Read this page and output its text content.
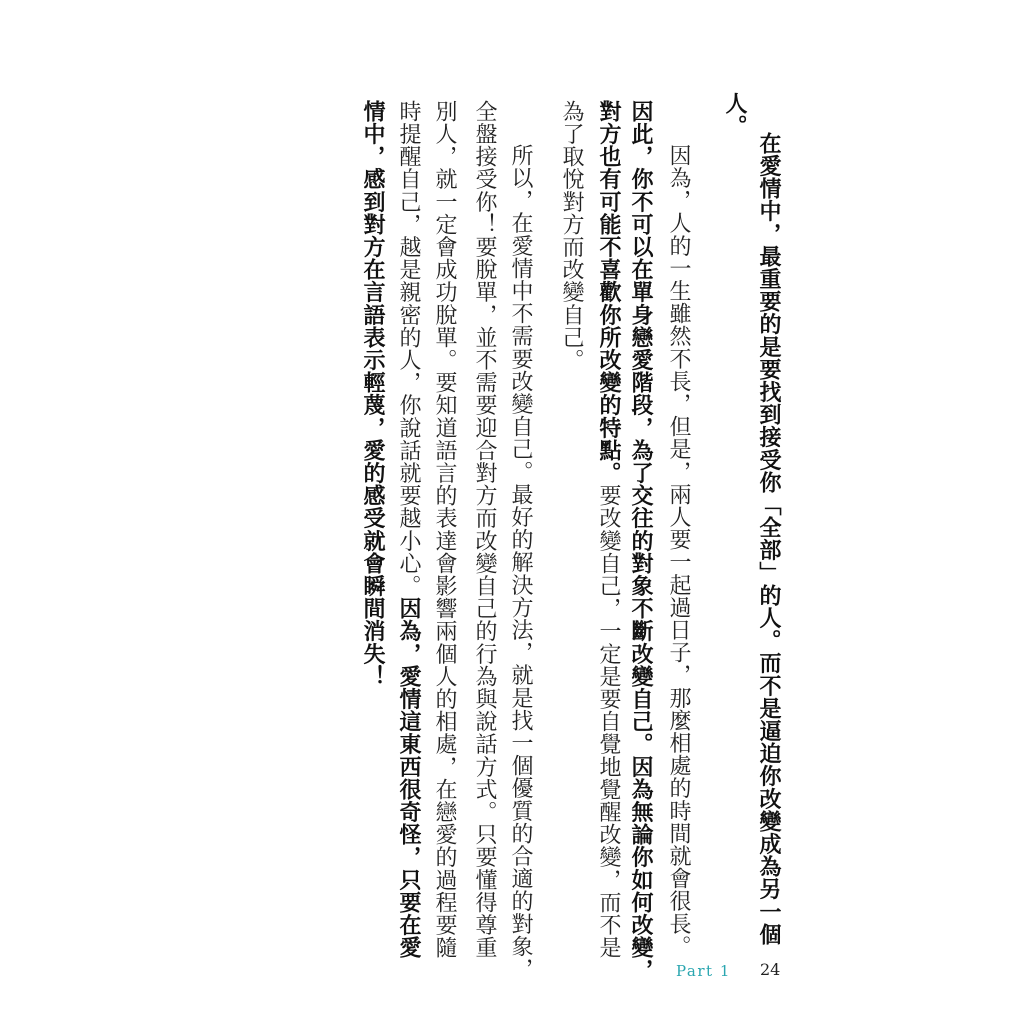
在愛情中，最重要的是要找到接受你「全部」的人。而不是逼迫你改變成為另一個
人。
因為，人的一生雖然不長，但是，兩人要一起過日子，那麼相處的時間就會很長。
因此，你不可以在單身戀愛階段，為了交往的對象不斷改變自己。因為無論你如何改變，
對方也有可能不喜歡你所改變的特點。要改變自己，一定是要自覺地覺醒改變，而不是
為了取悅對方而改變自己。
所以，在愛情中不需要改變自己。最好的解決方法，就是找一個優質的合適的對象，
全盤接受你！要脫單，並不需要迎合對方而改變自己的行為與說話方式。只要懂得尊重
別人，就一定會成功脫單。要知道語言的表達會影響兩個人的相處，在戀愛的過程要隨
時提醒自己，越是親密的人，你說話就要越小心。因為，愛情這東西很奇怪，只要在愛
情中，感到對方在言語表示輕蔑，愛的感受就會瞬間消失！
Part 1 24
